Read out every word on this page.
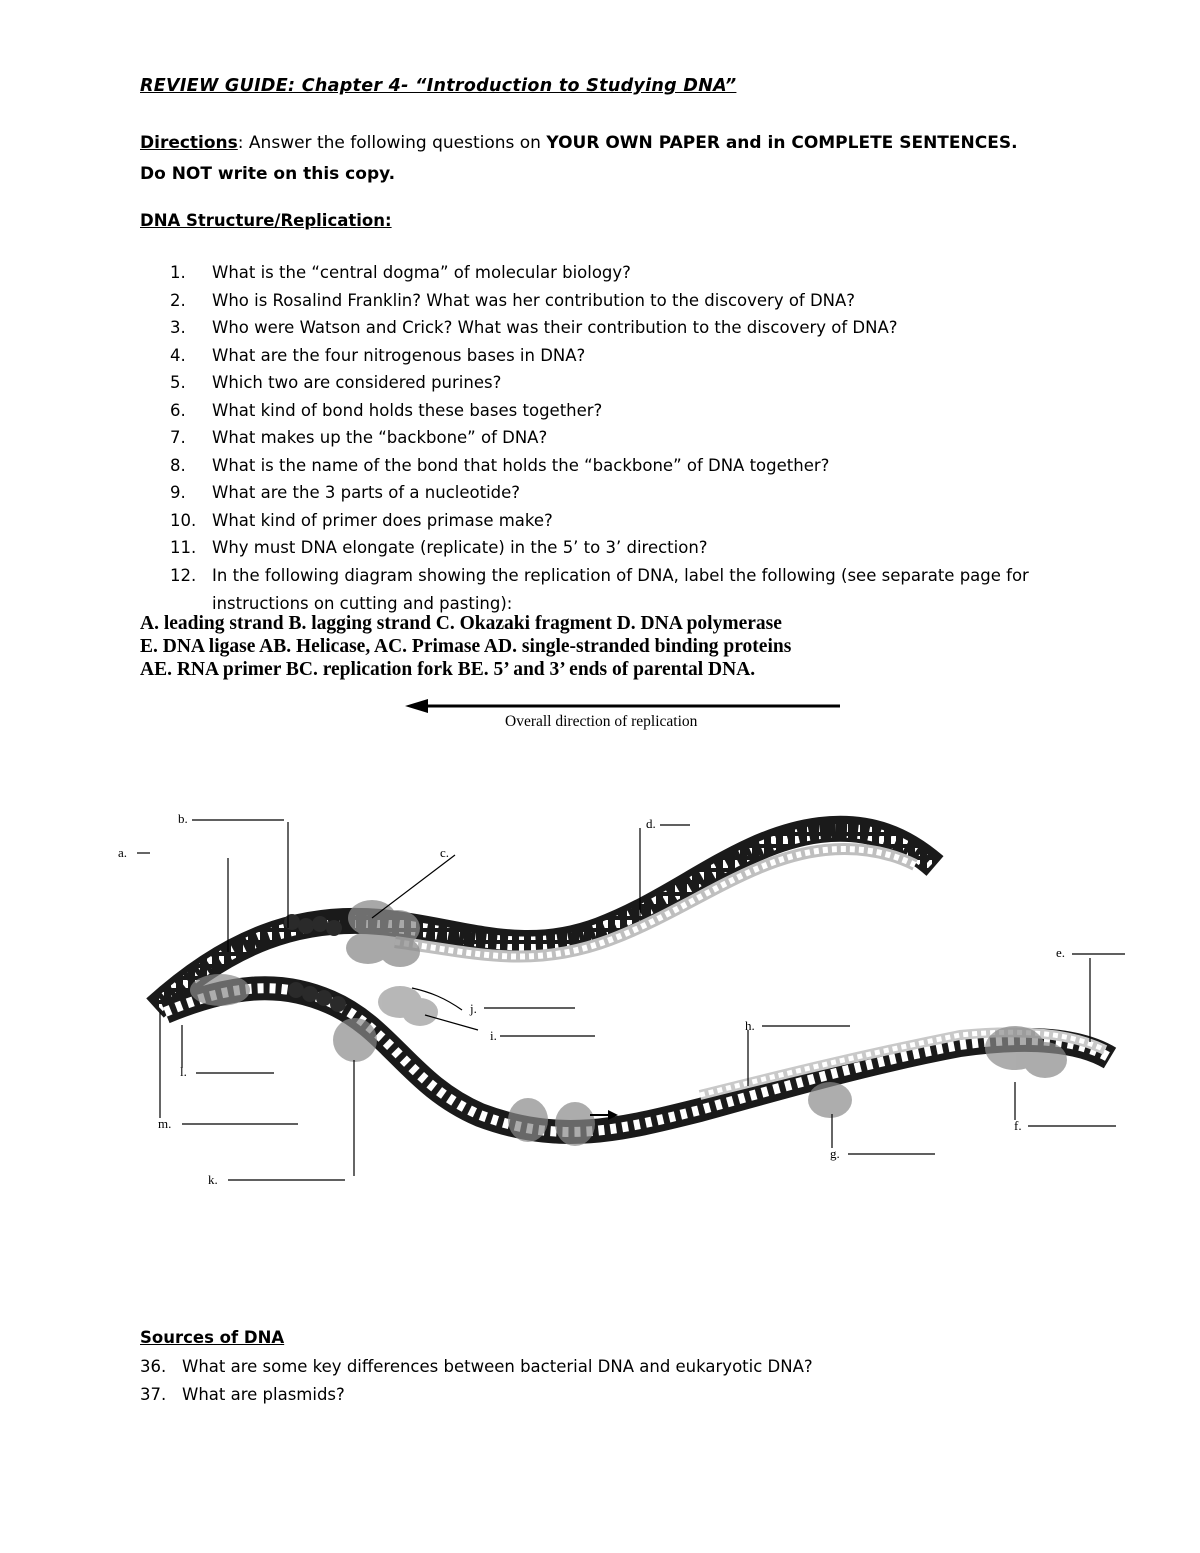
REVIEW GUIDE: Chapter 4- “Introduction to Studying DNA”
Directions: Answer the following questions on YOUR OWN PAPER and in COMPLETE SENTENCES. Do NOT write on this copy.
DNA Structure/Replication:
1.	What is the “central dogma” of molecular biology?
2.	Who is Rosalind Franklin? What was her contribution to the discovery of DNA?
3.	Who were Watson and Crick? What was their contribution to the discovery of DNA?
4.	What are the four nitrogenous bases in DNA?
5.	Which two are considered purines?
6.	What kind of bond holds these bases together?
7.	What makes up the “backbone” of DNA?
8.	What is the name of the bond that holds the “backbone” of DNA together?
9.	What are the 3 parts of a nucleotide?
10. What kind of primer does primase make?
11. Why must DNA elongate (replicate) in the 5’ to 3’ direction?
12. In the following diagram showing the replication of DNA, label the following (see separate page for instructions on cutting and pasting):
A. leading strand B. lagging strand C. Okazaki fragment D. DNA polymerase
E. DNA ligase AB. Helicase, AC. Primase AD. single-stranded binding proteins
AE. RNA primer BC. replication fork BE. 5’ and 3’ ends of parental DNA.
Overall direction of replication
a.
b.
c.
d.
e.
f.
g.
h.
i.
j.
k.
l.
m.
Sources of DNA
36. What are some key differences between bacterial DNA and eukaryotic DNA?
37. What are plasmids?
